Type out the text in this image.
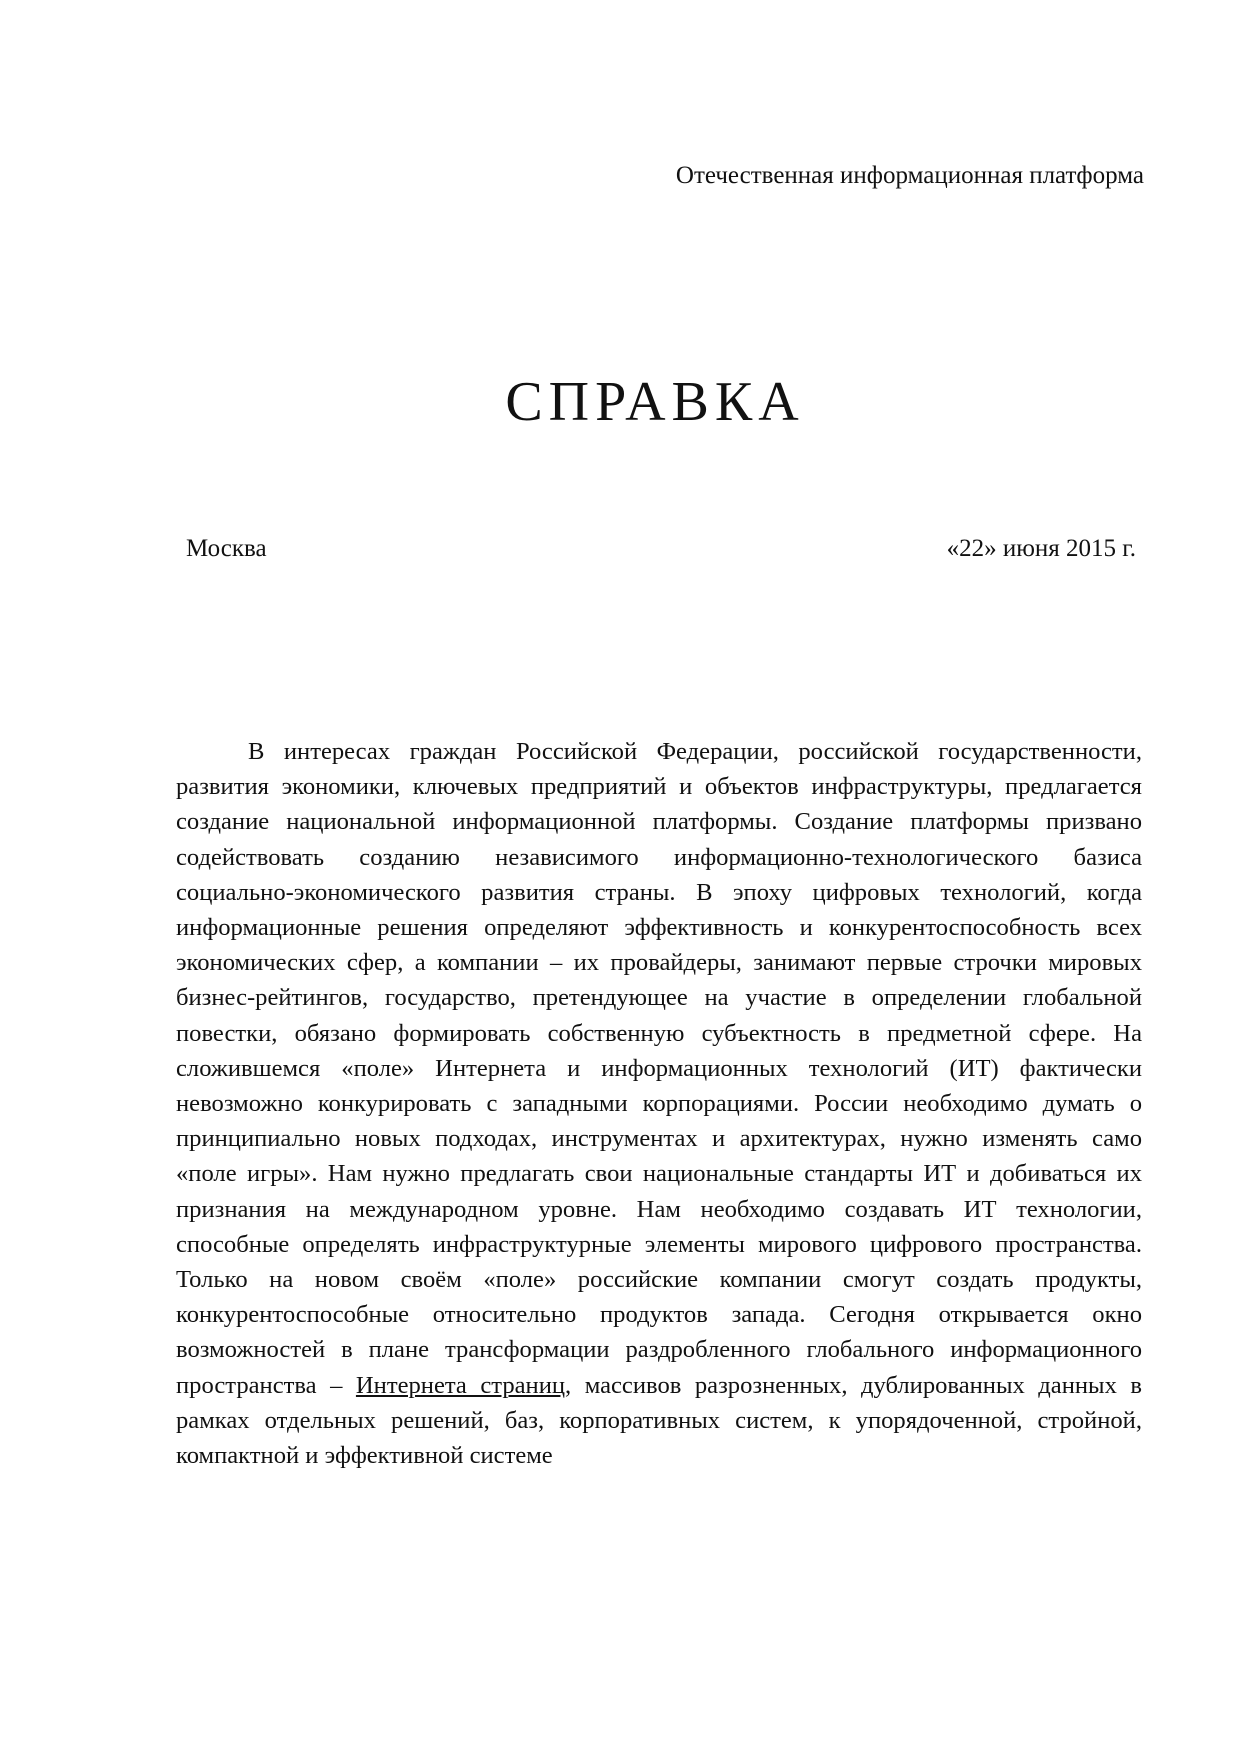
Отечественная информационная платформа
СПРАВКА
Москва	«22» июня 2015 г.
В интересах граждан Российской Федерации, российской государственности, развития экономики, ключевых предприятий и объектов инфраструктуры, предлагается создание национальной информационной платформы. Создание платформы призвано содействовать созданию независимого информационно-технологического базиса социально-экономического развития страны. В эпоху цифровых технологий, когда информационные решения определяют эффективность и конкурентоспособность всех экономических сфер, а компании – их провайдеры, занимают первые строчки мировых бизнес-рейтингов, государство, претендующее на участие в определении глобальной повестки, обязано формировать собственную субъектность в предметной сфере. На сложившемся «поле» Интернета и информационных технологий (ИТ) фактически невозможно конкурировать с западными корпорациями. России необходимо думать о принципиально новых подходах, инструментах и архитектурах, нужно изменять само «поле игры». Нам нужно предлагать свои национальные стандарты ИТ и добиваться их признания на международном уровне. Нам необходимо создавать ИТ технологии, способные определять инфраструктурные элементы мирового цифрового пространства. Только на новом своём «поле» российские компании смогут создать продукты, конкурентоспособные относительно продуктов запада. Сегодня открывается окно возможностей в плане трансформации раздробленного глобального информационного пространства – Интернета страниц, массивов разрозненных, дублированных данных в рамках отдельных решений, баз, корпоративных систем, к упорядоченной, стройной, компактной и эффективной системе
